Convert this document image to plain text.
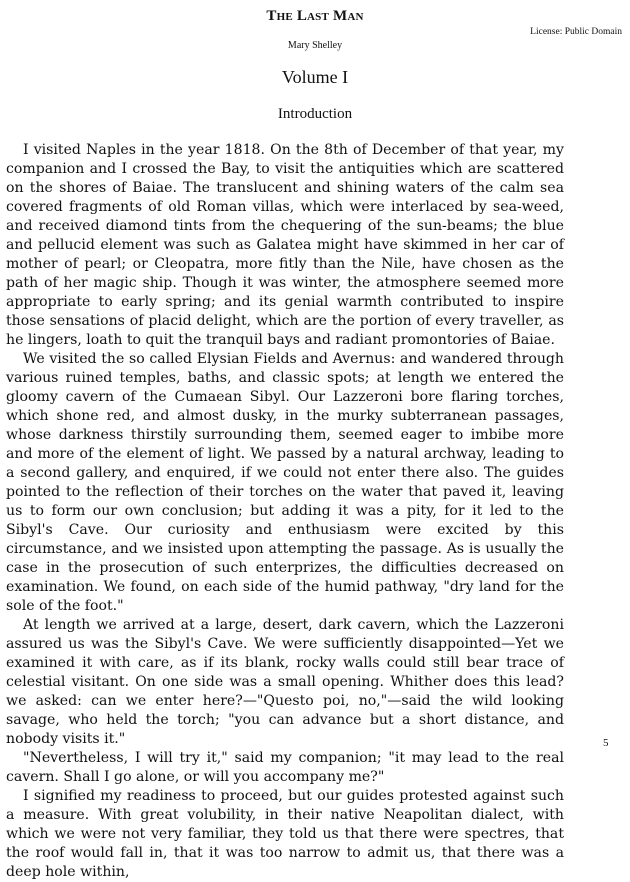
The Last Man
License: Public Domain
Mary Shelley
Volume I
Introduction

I visited Naples in the year 1818. On the 8th of December of that year, my companion and I crossed the Bay, to visit the antiquities which are scattered on the shores of Baiae. The translucent and shining waters of the calm sea covered fragments of old Roman villas, which were interlaced by sea-weed, and received diamond tints from the chequering of the sun-beams; the blue and pellucid element was such as Galatea might have skimmed in her car of mother of pearl; or Cleopatra, more fitly than the Nile, have chosen as the path of her magic ship. Though it was winter, the atmosphere seemed more appropriate to early spring; and its genial warmth contributed to inspire those sensations of placid delight, which are the portion of every traveller, as he lingers, loath to quit the tranquil bays and radiant promontories of Baiae.

We visited the so called Elysian Fields and Avernus: and wandered through various ruined temples, baths, and classic spots; at length we entered the gloomy cavern of the Cumaean Sibyl. Our Lazzeroni bore flaring torches, which shone red, and almost dusky, in the murky subterranean passages, whose darkness thirstily surrounding them, seemed eager to imbibe more and more of the element of light. We passed by a natural archway, leading to a second gallery, and enquired, if we could not enter there also. The guides pointed to the reflection of their torches on the water that paved it, leaving us to form our own conclusion; but adding it was a pity, for it led to the Sibyl's Cave. Our curiosity and enthusiasm were excited by this circumstance, and we insisted upon attempting the passage. As is usually the case in the prosecution of such enterprizes, the difficulties decreased on examination. We found, on each side of the humid pathway, "dry land for the sole of the foot."

At length we arrived at a large, desert, dark cavern, which the Lazzeroni assured us was the Sibyl's Cave. We were sufficiently disappointed—Yet we examined it with care, as if its blank, rocky walls could still bear trace of celestial visitant. On one side was a small opening. Whither does this lead? we asked: can we enter here?—"Questo poi, no,"—said the wild looking savage, who held the torch; "you can advance but a short distance, and nobody visits it."

"Nevertheless, I will try it," said my companion; "it may lead to the real cavern. Shall I go alone, or will you accompany me?"

I signified my readiness to proceed, but our guides protested against such a measure. With great volubility, in their native Neapolitan dialect, with which we were not very familiar, they told us that there were spectres, that the roof would fall in, that it was too narrow to admit us, that there was a deep hole within,

5
